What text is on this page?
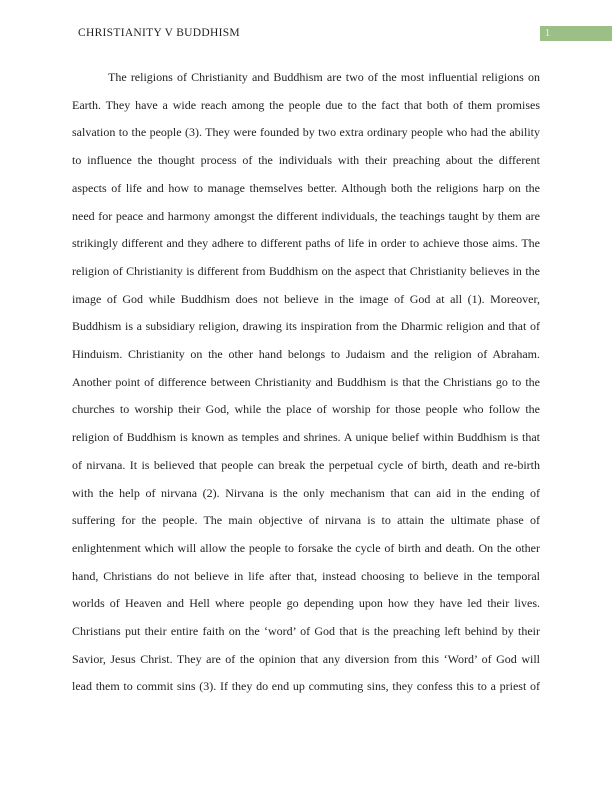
CHRISTIANITY V BUDDHISM	1

The religions of Christianity and Buddhism are two of the most influential religions on Earth. They have a wide reach among the people due to the fact that both of them promises salvation to the people (3). They were founded by two extra ordinary people who had the ability to influence the thought process of the individuals with their preaching about the different aspects of life and how to manage themselves better. Although both the religions harp on the need for peace and harmony amongst the different individuals, the teachings taught by them are strikingly different and they adhere to different paths of life in order to achieve those aims. The religion of Christianity is different from Buddhism on the aspect that Christianity believes in the image of God while Buddhism does not believe in the image of God at all (1). Moreover, Buddhism is a subsidiary religion, drawing its inspiration from the Dharmic religion and that of Hinduism. Christianity on the other hand belongs to Judaism and the religion of Abraham. Another point of difference between Christianity and Buddhism is that the Christians go to the churches to worship their God, while the place of worship for those people who follow the religion of Buddhism is known as temples and shrines. A unique belief within Buddhism is that of nirvana. It is believed that people can break the perpetual cycle of birth, death and re-birth with the help of nirvana (2). Nirvana is the only mechanism that can aid in the ending of suffering for the people. The main objective of nirvana is to attain the ultimate phase of enlightenment which will allow the people to forsake the cycle of birth and death. On the other hand, Christians do not believe in life after that, instead choosing to believe in the temporal worlds of Heaven and Hell where people go depending upon how they have led their lives. Christians put their entire faith on the ‘word’ of God that is the preaching left behind by their Savior, Jesus Christ. They are of the opinion that any diversion from this ‘Word’ of God will lead them to commit sins (3). If they do end up commuting sins, they confess this to a priest of
